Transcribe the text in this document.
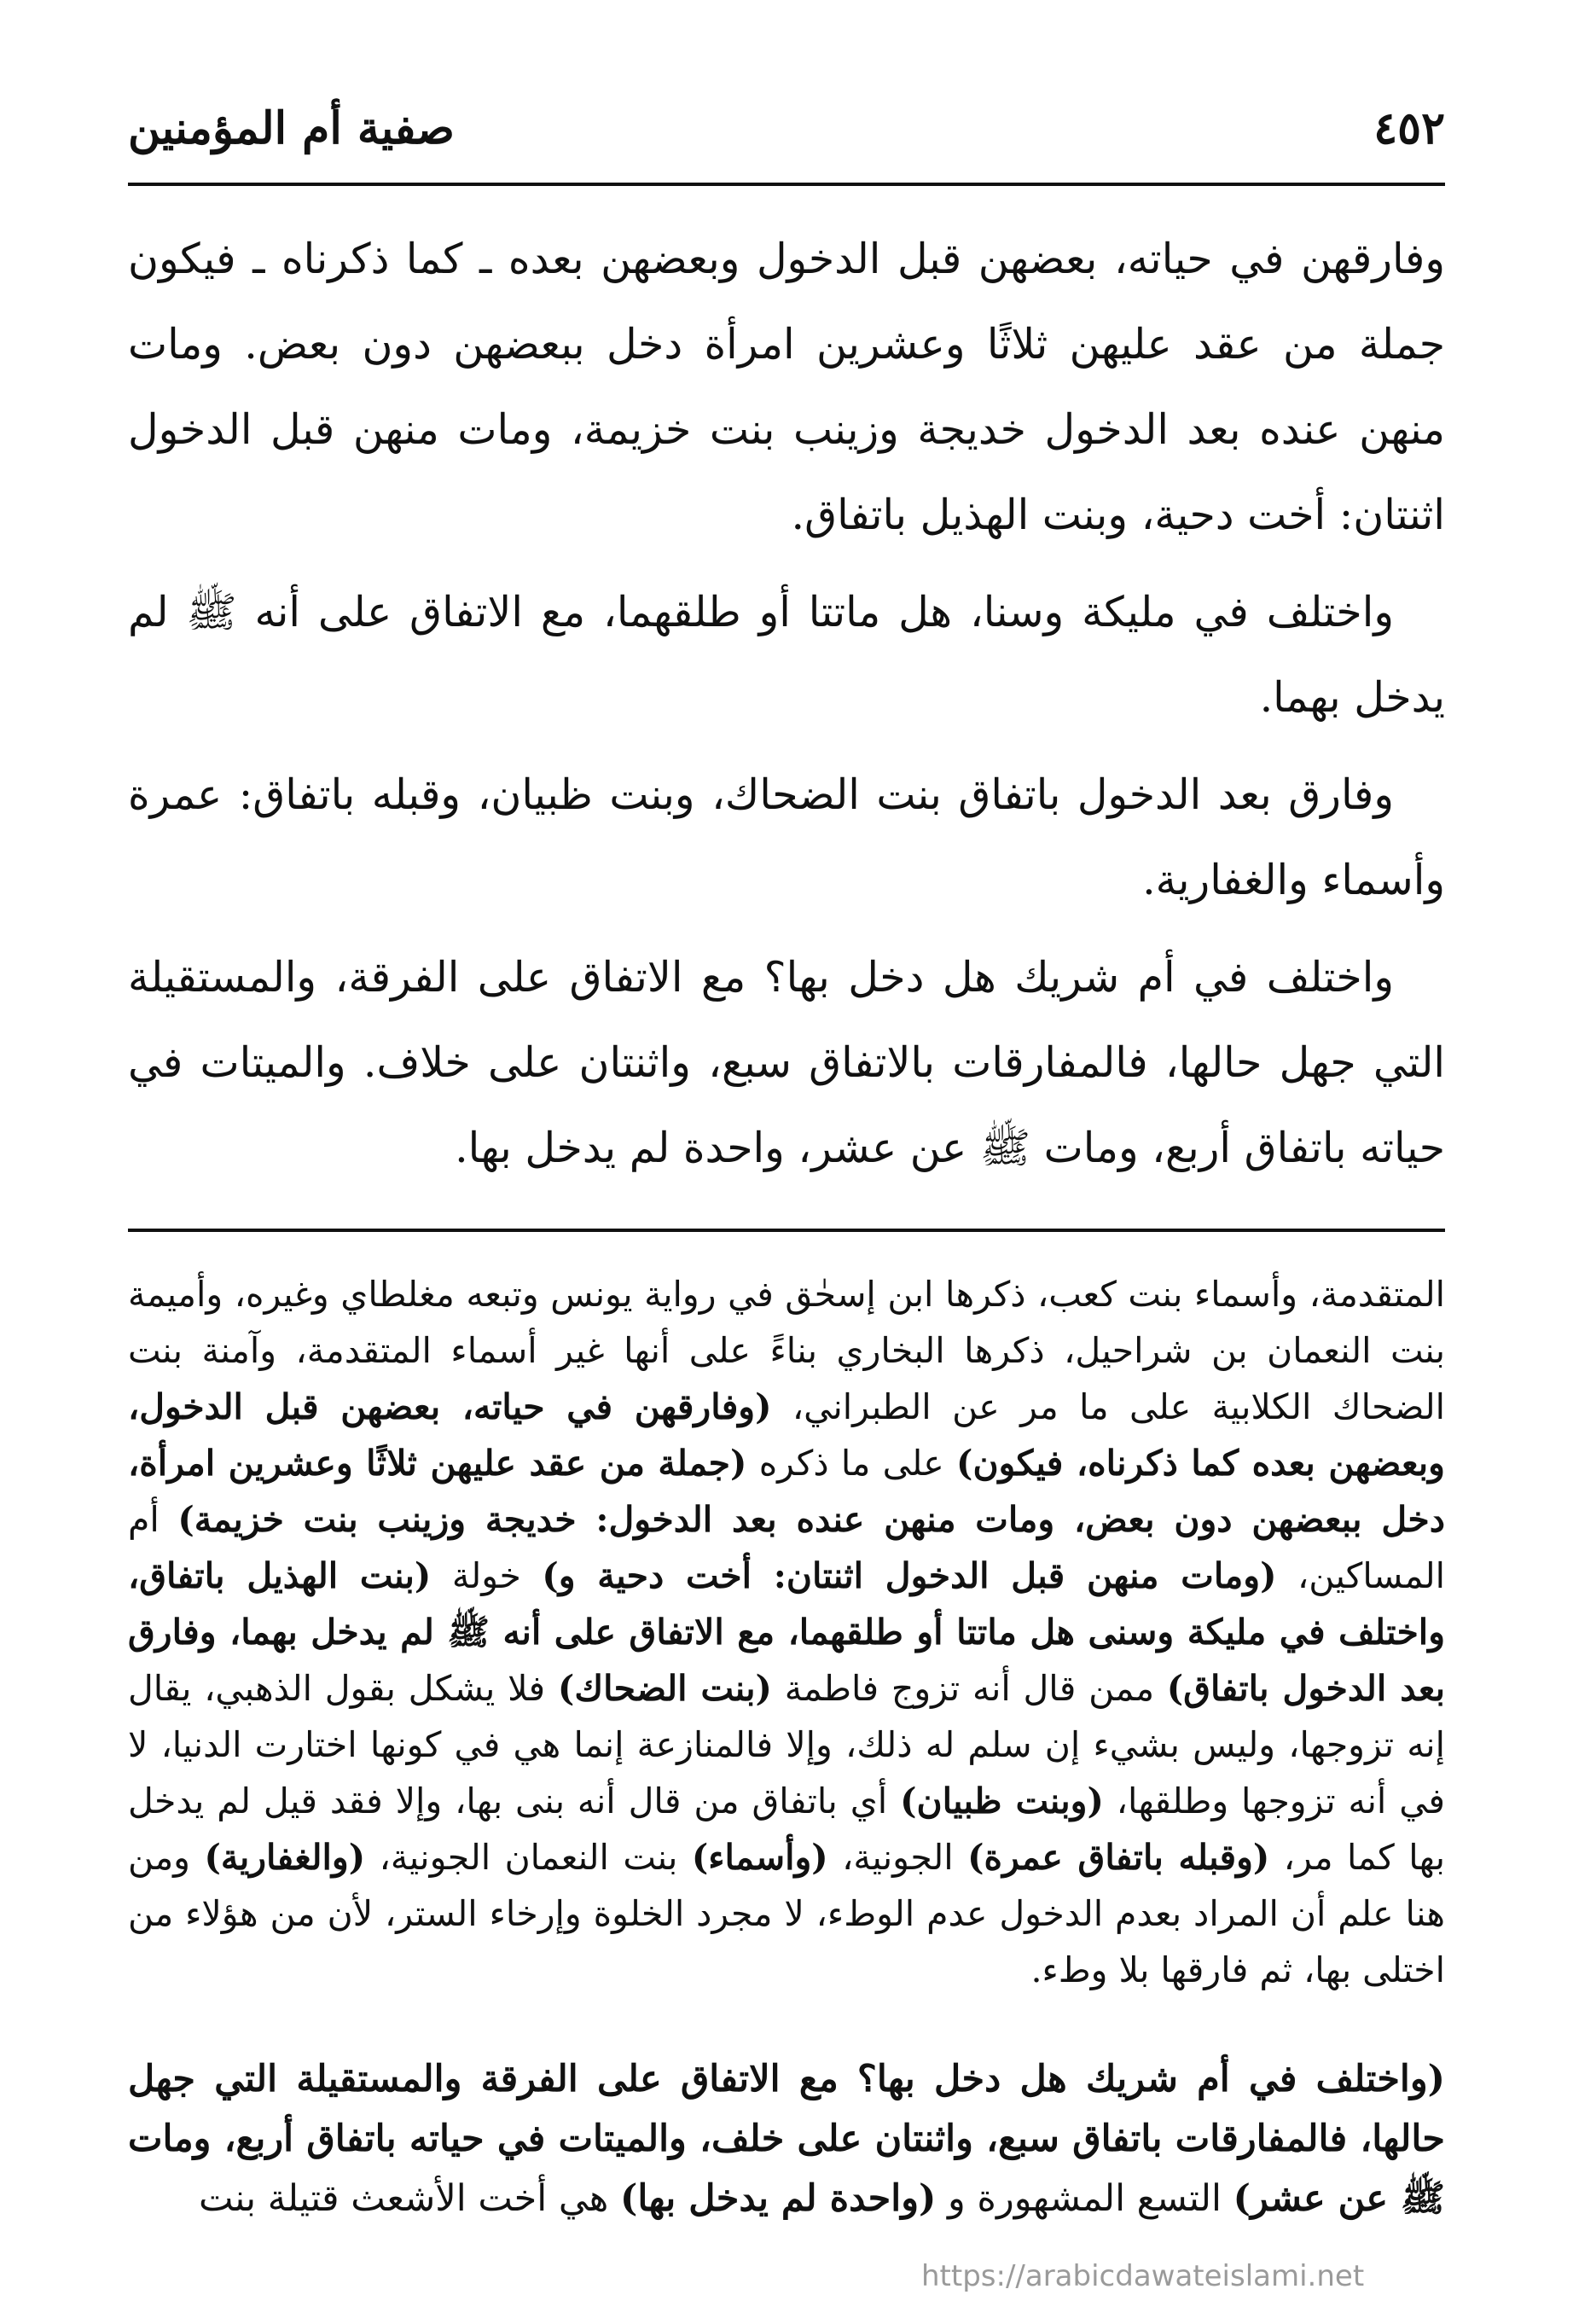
٤٥٢
صفية أم المؤمنين

وفارقهن في حياته، بعضهن قبل الدخول وبعضهن بعده ـ كما ذكرناه ـ فيكون جملة من عقد عليهن ثلاثًا وعشرين امرأة دخل ببعضهن دون بعض. ومات منهن عنده بعد الدخول خديجة وزينب بنت خزيمة، ومات منهن قبل الدخول اثنتان: أخت دحية، وبنت الهذيل باتفاق.

واختلف في مليكة وسنا، هل ماتتا أو طلقهما، مع الاتفاق على أنه ﷺ لم يدخل بهما.

وفارق بعد الدخول باتفاق بنت الضحاك، وبنت ظبيان، وقبله باتفاق: عمرة وأسماء والغفارية.

واختلف في أم شريك هل دخل بها؟ مع الاتفاق على الفرقة، والمستقيلة التي جهل حالها، فالمفارقات بالاتفاق سبع، واثنتان على خلاف. والميتات في حياته باتفاق أربع، ومات ﷺ عن عشر، واحدة لم يدخل بها.

المتقدمة، وأسماء بنت كعب، ذكرها ابن إسحٰق في رواية يونس وتبعه مغلطاي وغيره، وأميمة بنت النعمان بن شراحيل، ذكرها البخاري بناءً على أنها غير أسماء المتقدمة، وآمنة بنت الضحاك الكلابية على ما مر عن الطبراني، (وفارقهن في حياته، بعضهن قبل الدخول، وبعضهن بعده كما ذكرناه، فيكون) على ما ذكره (جملة من عقد عليهن ثلاثًا وعشرين امرأة، دخل ببعضهن دون بعض، ومات منهن عنده بعد الدخول: خديجة وزينب بنت خزيمة) أم المساكين، (ومات منهن قبل الدخول اثنتان: أخت دحية و) خولة (بنت الهذيل باتفاق، واختلف في مليكة وسنى هل ماتتا أو طلقهما، مع الاتفاق على أنه ﷺ لم يدخل بهما، وفارق بعد الدخول باتفاق) ممن قال أنه تزوج فاطمة (بنت الضحاك) فلا يشكل بقول الذهبي، يقال إنه تزوجها، وليس بشيء إن سلم له ذلك، وإلا فالمنازعة إنما هي في كونها اختارت الدنيا، لا في أنه تزوجها وطلقها، (وبنت ظبيان) أي باتفاق من قال أنه بنى بها، وإلا فقد قيل لم يدخل بها كما مر، (وقبله باتفاق عمرة) الجونية، (وأسماء) بنت النعمان الجونية، (والغفارية) ومن هنا علم أن المراد بعدم الدخول عدم الوطء، لا مجرد الخلوة وإرخاء الستر، لأن من هؤلاء من اختلى بها، ثم فارقها بلا وطء.

(واختلف في أم شريك هل دخل بها؟ مع الاتفاق على الفرقة والمستقيلة التي جهل حالها، فالمفارقات باتفاق سبع، واثنتان على خلف، والميتات في حياته باتفاق أربع، ومات ﷺ عن عشر) التسع المشهورة و (واحدة لم يدخل بها) هي أخت الأشعث قتيلة بنت

https://arabicdawateislami.net
